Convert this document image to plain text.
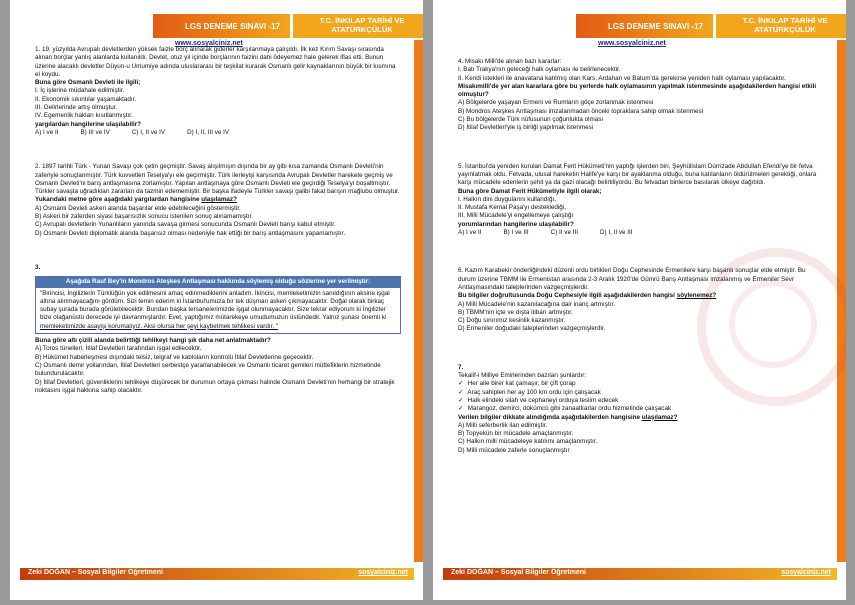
LGS DENEME SINAVI -17
T.C. İNKILAP TARİHİ VE ATATÜRKÇÜLÜK
www.sosyalciniz.net

1. 19. yüzyılda Avrupalı devletlerden yüksek faizle borç alınarak giderler karşılanmaya çalışıldı. İlk kez Kırım Savaşı sırasında alınan borçlar yanlış alanlarda kullanıldı. Devlet, otuz yıl içinde borçlarının faizini dahi ödeyemez hale gelerek iflas etti. Bunun üzerine alacaklı devletler Düyun-u Umumiye adında uluslararası bir teşkilat kurarak Osmanlı gelir kaynaklarının büyük bir kısmına el koydu.

Buna göre Osmanlı Devleti ile ilgili;

I. İç işlerine müdahale edilmiştir.

II. Ekonomik sıkıntılar yaşamaktadır.

III. Gelirlerinde artış olmuştur.

IV. Egemenlik hakları kısıtlanmıştır.

yargılardan hangilerine ulaşılabilir?

A) I ve II	B) III ve IV	C) I, II ve IV	D) I, II, III ve IV

2. 1897 tarihli Türk - Yunan Savaşı çok çetin geçmiştir. Savaş alışılmışın dışında bir ay gibi kısa zamanda Osmanlı Devleti'nin zaferiyle sonuçlanmıştır. Türk kuvvetleri Teselya'yı ele geçirmiştir. Türk ilerleyişi karşısında Avrupalı Devletler harekete geçmiş ve Osmanlı Devleti'ni barış antlaşmasına zorlamıştır. Yapılan antlaşmaya göre Osmanlı Devleti ele geçirdiği Teselya'yı boşaltmıştır. Türkler savaşta uğradıkları zararları da tazmin edememiştir. Bir başka ifadeyle Türkler savaşı galibi fakat barışın mağlubu olmuştur.

Yukarıdaki metne göre aşağıdaki yargılardan hangisine ulaşılamaz?

A) Osmanlı Devleti askeri alanda başarılar elde edebileceğini göstermiştir.

B) Askeri bir zaferden siyasi başarısızlık sonucu istenilen sonuç alınamamıştır.

C) Avrupalı devletlerin Yunanlıların yanında savaşa girmesi sonucunda Osmanlı Devleti barışı kabul etmiştir.

D) Osmanlı Devleti diplomatik alanda başarısız olması nedeniyle hak ettiği bir barış antlaşmasını yapamamıştır.

3.

Aşağıda Rauf Bey'in Mondros Ateşkes Antlaşması hakkında söylemiş olduğu sözlerine yer verilmiştir:
"Birincisi, İngilizlerin Türklüğün yok edilmesini amaç edinmediklerini anladım. İkincisi, memleketimizin sanıldığının aksine işgal altına alınmayacağını gördüm. Sizi temin ederim ki İstanbul'umuza bir tek düşman askeri çıkmayacaktır. Doğal olarak birkaç subay şurada burada görülebilecektir. Bundan başka tersanelerimizde işgal olunmayacaktır. Size tekrar ediyorum ki İngilizler bize olağanüstü derecede iyi davranmışlardır. Evet, yaptığımız mütarekeye umudumuzun üstündedir. Yalnız şunası önemli ki memleketimizde asayişi korumalıyız. Aksi olursa her şeyi kaybetmek tehlikesi vardır. "

Buna göre altı çizili alanda belirttiği tehlikeyi hangi şık daha net anlatmaktadır?

A) Toros tünelleri, İtilaf Devletleri tarafından işgal edilecektir.

B) Hükümet haberleşmesi dışındaki telsiz, telgraf ve kabloların kontrolü İtilaf Devletlerine geçecektir.

C) Osmanlı demir yollarından, İtilaf Devletleri serbestçe yararlanabilecek ve Osmanlı ticaret gemileri müttefiklerin hizmetinde bulundurulacaktır.

D) İtilaf Devletleri, güvenliklerini tehlikeye düşürecek bir durumun ortaya çıkması halinde Osmanlı Devleti'nin herhangi bir stratejik noktasını işgal hakkına sahip olacaktır.

Zeki DOĞAN – Sosyal Bilgiler Öğretmeni	sosyalciniz.net
LGS DENEME SINAVI -17
T.C. İNKILAP TARİHİ VE ATATÜRKÇÜLÜK
www.sosyalciniz.net

4. Misakı Milli'de alınan bazı kararlar:

I. Batı Trakya'nın geleceği halk oylaması ile belirlenecektir.

II. Kendi istekleri ile anavatana katılmış olan Kars, Ardahan ve Batum'da gerekirse yeniden halk oylaması yapılacaktır.

Misakımilli'de yer alan kararlara göre bu yerlerde halk oylamasının yapılmak istenmesinde aşağıdakilerden hangisi etkili olmuştur?

A) Bölgelerde yaşayan Ermeni ve Rumların göçe zorlanmak istenmesi

B) Mondros Ateşkes Antlaşması imzalanmadan önceki topraklara sahip olmak istenmesi

C) Bu bölgelerde Türk nüfusunun çoğunlukta olması

D) İtilaf Devletleri'yle iş birliği yapılmak istenmesi

5. İstanbul'da yeniden kurulan Damat Ferit Hükümeti'nin yaptığı işlerden biri, Şeyhülislam Dürrizade Abdullah Efendi'ye bir fetva yayınlatmak oldu. Fetvada, ulusal hareketin Halife'ye karşı bir ayaklanma olduğu, buna katılanların öldürülmeleri gerektiği, onlara karşı mücadele edenlerin şehit ya da gazi olacağı belirtiliyordu. Bu fetvadan binlerce basılarak ülkeye dağıtıldı.

Buna göre Damat Ferit Hükümetiyle ilgili olarak;

I. Halkın dini duygularını kullandığı,

II. Mustafa Kemal Paşa'yı desteklediği,

III. Milli Mücadele'yi engellemeye çalıştığı

yorumlarından hangilerine ulaşılabilir?

A) I ve II	B) I ve III	C) II ve III	D) I, II ve III

6. Kazım Karabekir önderliğindeki düzenli ordu birlikleri Doğu Cephesinde Ermenilere karşı başarılı sonuçlar elde etmiştir. Bu durum üzerine TBMM ile Ermenistan arasında 2-3 Aralık 1920'de Gümrü Barış Antlaşması imzalanmış ve Ermeniler Sevr Antlaşmasındaki taleplerinden vazgeçmişlerdir.

Bu bilgiler doğrultusunda Doğu Cephesiyle ilgili aşağıdakilerden hangisi söylenemez?

A) Milli Mücadele'nin kazanılacağına dair inanç artmıştır.

B) TBMM'nin içte ve dışta itibarı artmıştır.

C) Doğu sınırımız kesinlik kazanmıştır.

D) Ermeniler doğudaki taleplerinden vazgeçmişlerdir.

7.

Tekalif-i Milliye Emirlerinden bazıları şunlardır:

✓ Her aile birer kat çamaşır, bir çift çorap

✓ Araç sahipleri her ay 100 km ordu için çalışacak

✓ Halk elindeki silah ve cephaneyi orduya teslim edecek

✓ Marangoz, demirci, dökümcü gibi zanaatkarlar ordu hizmetinde çalışacak

Verilen bilgiler dikkate alındığında aşağıdakilerden hangisine ulaşılamaz?

A) Milli seferberlik ilan edilmiştir.

B) Topyekün bir mücadele amaçlanmıştır.

C) Halkın milli mücadeleye katılımı amaçlanmıştır.

D) Milli mücadele zaferle sonuçlanmıştır

Zeki DOĞAN – Sosyal Bilgiler Öğretmeni	sosyalciniz.net
